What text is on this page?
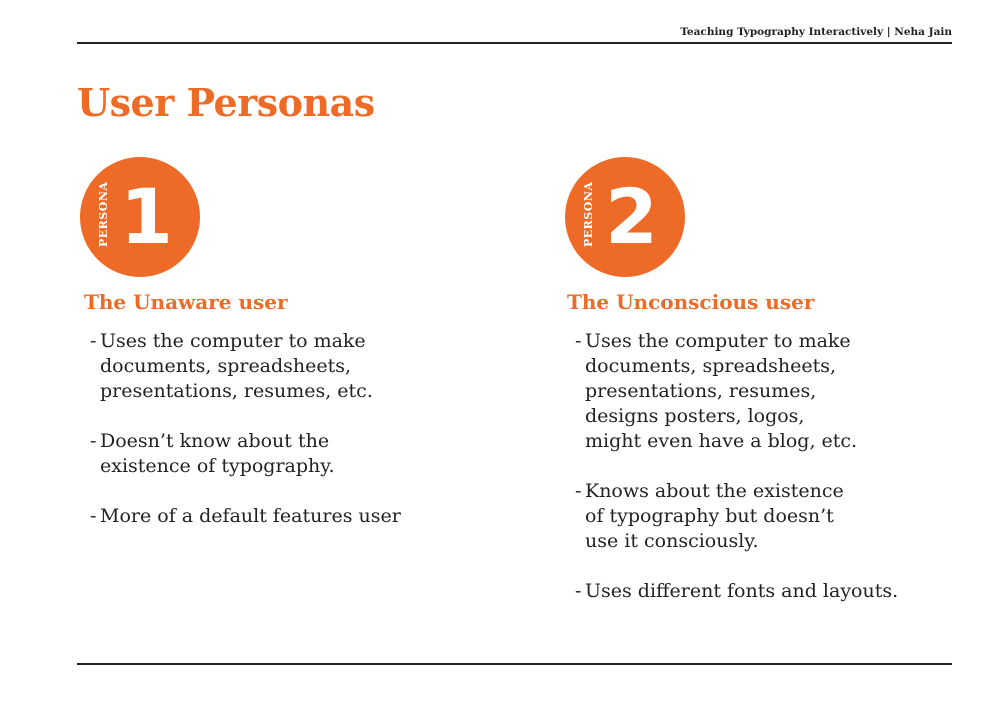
Teaching Typography Interactively | Neha Jain
User Personas
PERSONA 1
The Unaware user
- Uses the computer to make
documents, spreadsheets,
presentations, resumes, etc.
- Doesn’t know about the
existence of typography.
- More of a default features user
PERSONA 2
The Unconscious user
- Uses the computer to make
documents, spreadsheets,
presentations, resumes,
designs posters, logos,
might even have a blog, etc.
- Knows about the existence
of typography but doesn’t
use it consciously.
- Uses different fonts and layouts.
